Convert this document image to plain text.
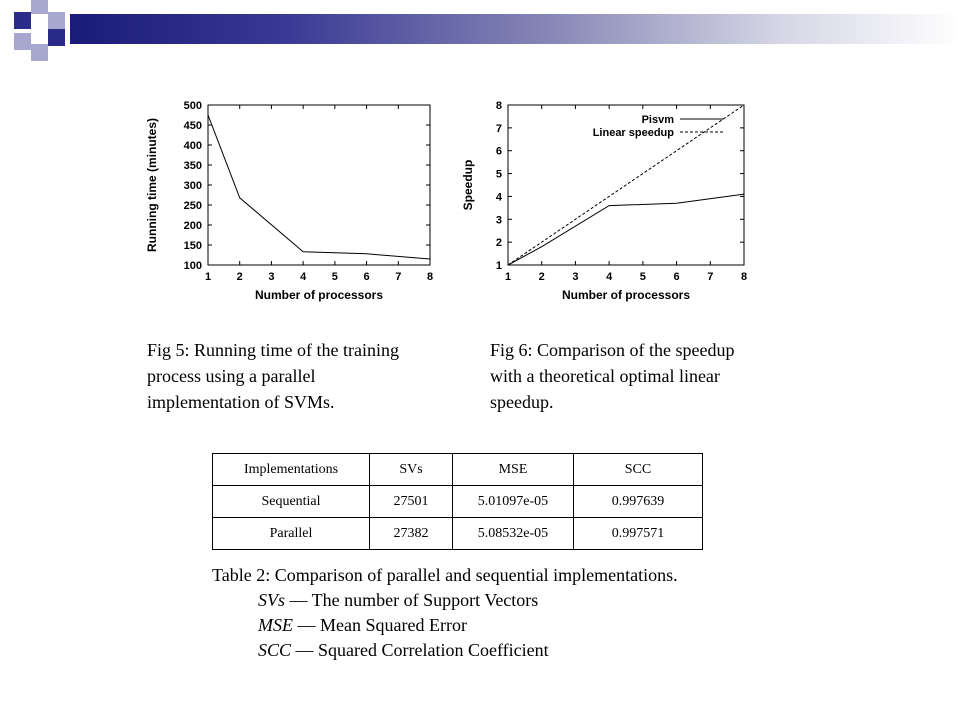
1 2 3 4 5 6 7 8
100
150
200
250
300
350
400
450
500
Number of processors
Running time (minutes)
1	2	3	4	5	6	7	8
1
2
3
4
5
6
7
8
Number of processors
Speedup
Pisvm
Linear speedup
Fig 5: Running time of the training
process using a parallel
implementation of SVMs.
Fig 6: Comparison of the speedup
with a theoretical optimal linear
speedup.
Implementations	SVs	MSE	SCC
Sequential	27501	5.01097e-05	0.997639
Parallel	27382	5.08532e-05	0.997571
Table 2: Comparison of parallel and sequential implementations.
SVs — The number of Support Vectors
MSE — Mean Squared Error
SCC — Squared Correlation Coefficient
